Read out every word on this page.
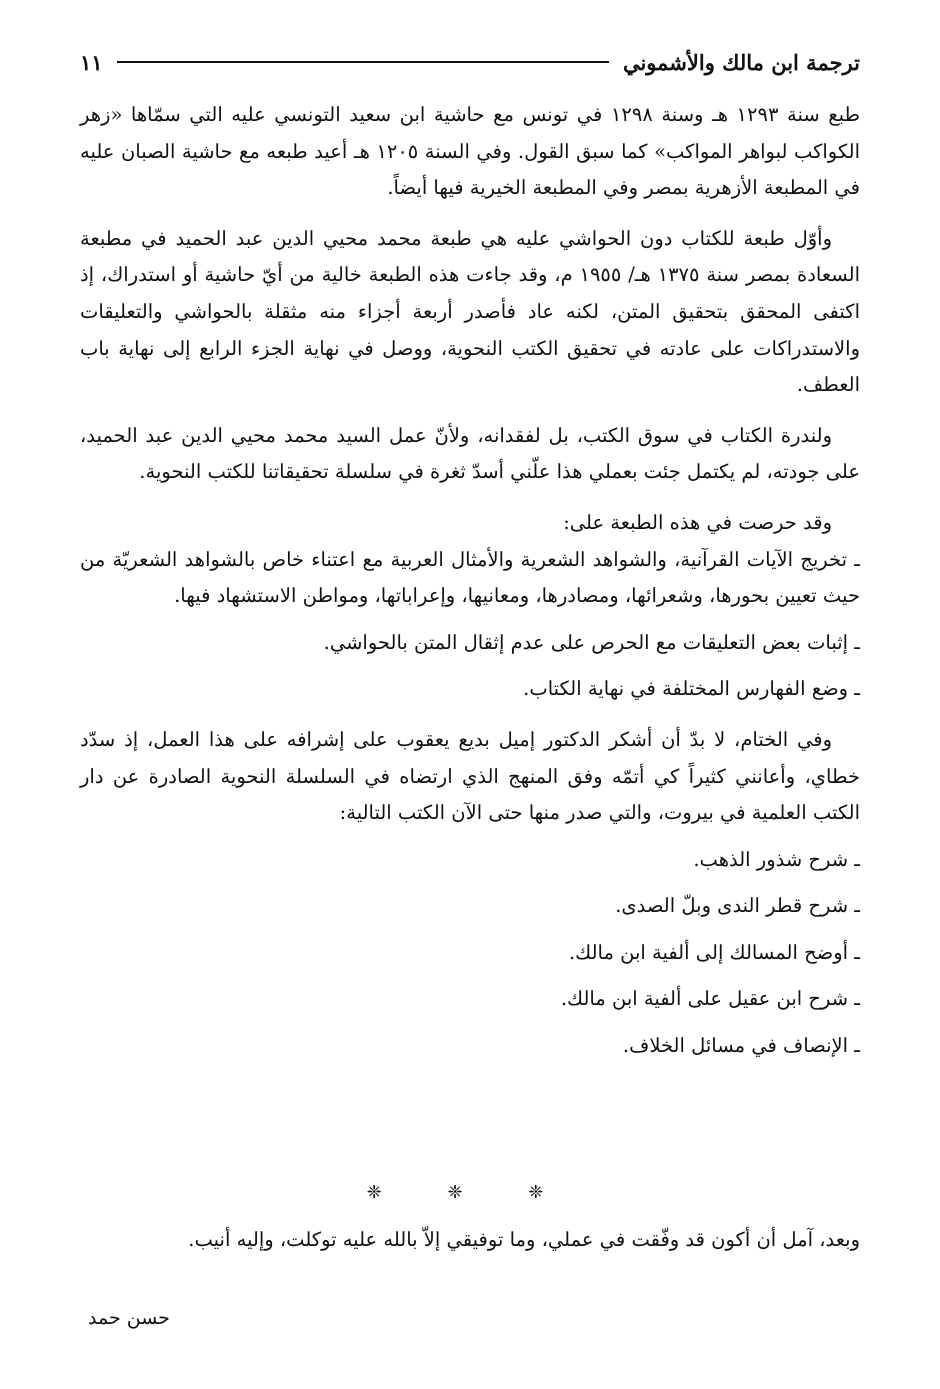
ترجمة ابن مالك والأشموني
١١

طبع سنة ١٢٩٣ هـ وسنة ١٢٩٨ في تونس مع حاشية ابن سعيد التونسي عليه التي سمّاها «زهر الكواكب لبواهر المواكب» كما سبق القول. وفي السنة ١٢٠٥ هـ أعيد طبعه مع حاشية الصبان عليه في المطبعة الأزهرية بمصر وفي المطبعة الخيرية فيها أيضاً.

وأوّل طبعة للكتاب دون الحواشي عليه هي طبعة محمد محيي الدين عبد الحميد في مطبعة السعادة بمصر سنة ١٣٧٥ هـ/ ١٩٥٥ م، وقد جاءت هذه الطبعة خالية من أيّ حاشية أو استدراك، إذ اكتفى المحقق بتحقيق المتن، لكنه عاد فأصدر أربعة أجزاء منه مثقلة بالحواشي والتعليقات والاستدراكات على عادته في تحقيق الكتب النحوية، ووصل في نهاية الجزء الرابع إلى نهاية باب العطف.

ولندرة الكتاب في سوق الكتب، بل لفقدانه، ولأنّ عمل السيد محمد محيي الدين عبد الحميد، على جودته، لم يكتمل جئت بعملي هذا علّني أسدّ ثغرة في سلسلة تحقيقاتنا للكتب النحوية.

وقد حرصت في هذه الطبعة على:

ـ تخريج الآيات القرآنية، والشواهد الشعرية والأمثال العربية مع اعتناء خاص بالشواهد الشعريّة من حيث تعيين بحورها، وشعرائها، ومصادرها، ومعانيها، وإعراباتها، ومواطن الاستشهاد فيها.

ـ إثبات بعض التعليقات مع الحرص على عدم إثقال المتن بالحواشي.

ـ وضع الفهارس المختلفة في نهاية الكتاب.

وفي الختام، لا بدّ أن أشكر الدكتور إميل بديع يعقوب على إشرافه على هذا العمل، إذ سدّد خطاي، وأعانني كثيراً كي أتمّه وفق المنهج الذي ارتضاه في السلسلة النحوية الصادرة عن دار الكتب العلمية في بيروت، والتي صدر منها حتى الآن الكتب التالية:

ـ شرح شذور الذهب.

ـ شرح قطر الندى وبلّ الصدى.

ـ أوضح المسالك إلى ألفية ابن مالك.

ـ شرح ابن عقيل على ألفية ابن مالك.

ـ الإنصاف في مسائل الخلاف.

❈ ❈ ❈
وبعد، آمل أن أكون قد وفّقت في عملي، وما توفيقي إلاّ بالله عليه توكلت، وإليه أنيب.
حسن حمد
